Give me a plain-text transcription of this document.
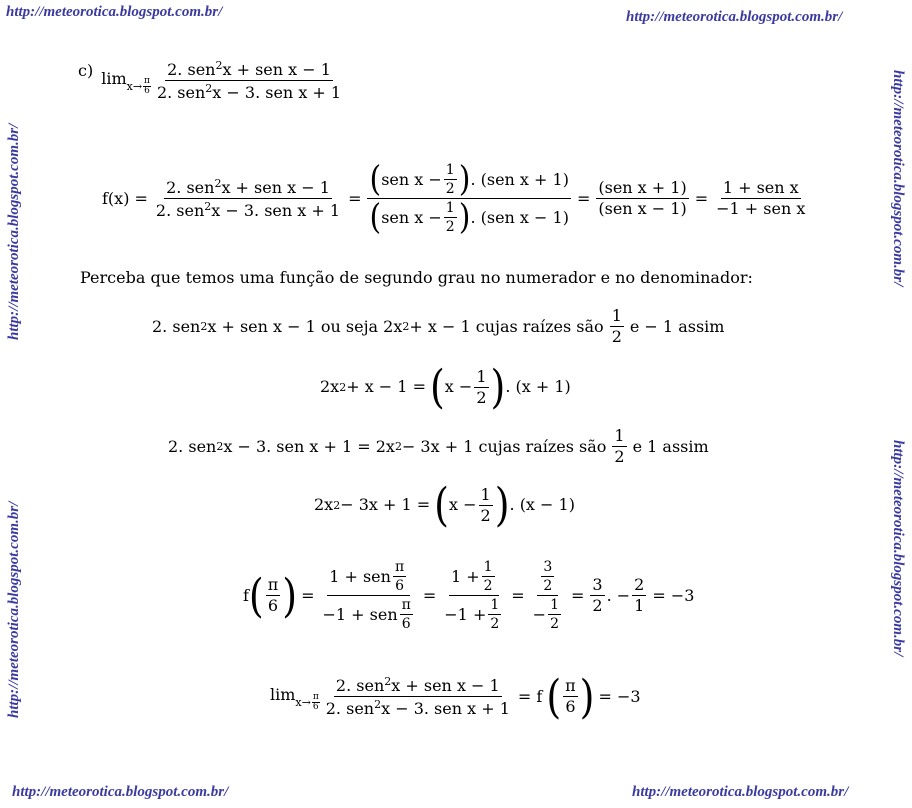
http://meteorotica.blogspot.com.br/	http://meteorotica.blogspot.com.br/
http://meteorotica.blogspot.com.br/	http://meteorotica.blogspot.com.br/
http://meteorotica.blogspot.com.br/
http://meteorotica.blogspot.com.br/
http://meteorotica.blogspot.com.br/
http://meteorotica.blogspot.com.br/
c) lim x→ π
$6 \frac{2. sen^2x + sen x - 1}{2. sen^2x - 3. sen x + 1}$
$f(x) = \frac{2. sen^2x + sen x - 1}{2. sen^2x - 3. sen x + 1} = \frac{( sen x - \frac{1}{2} ) . (sen x + 1)}{( sen x - \frac{1}{2} ) . (sen x - 1)} = \frac{\text{(sen x + 1)}}{\text{(sen x − 1)}} = \frac{\text{1 + sen x}}{\text{−1 + sen x}}$
Perceba que temos uma função de segundo grau no numerador e no denominador:
2. sen 2 x + sen x − 1 ou seja 2x 2 + x − 1 cujas raízes são $\frac{1}{2}$ e − 1 assim
2x 2 + x − 1 = ( $x - \frac{1}{2}$ ) . (x + 1)
2. sen 2 x − 3. sen x + 1 = 2x 2 − 3x + 1 cujas raízes são $\frac{1}{2}$ e 1 assim
2x 2 − 3x + 1 = ( $x - \frac{1}{2}$ ) . (x − 1)
f ( $\frac{\pi}{6}$ ) = $\frac{1 + sen \frac{\pi}{6}}{-1 + sen \frac{\pi}{6}} = \frac{1 + \frac{1}{2}}{-1 + \frac{1}{2}} = \frac{\frac{3}{2}}{- \frac{1}{2}} = \frac{3}{2}$ . − $\frac{2}{1} = -3$
lim x→ π
$6 \frac{2. sen^2x + sen x - 1}{2. sen^2x - 3. sen x + 1} = f$ ( $\frac{\pi}{6}$ ) = −3
